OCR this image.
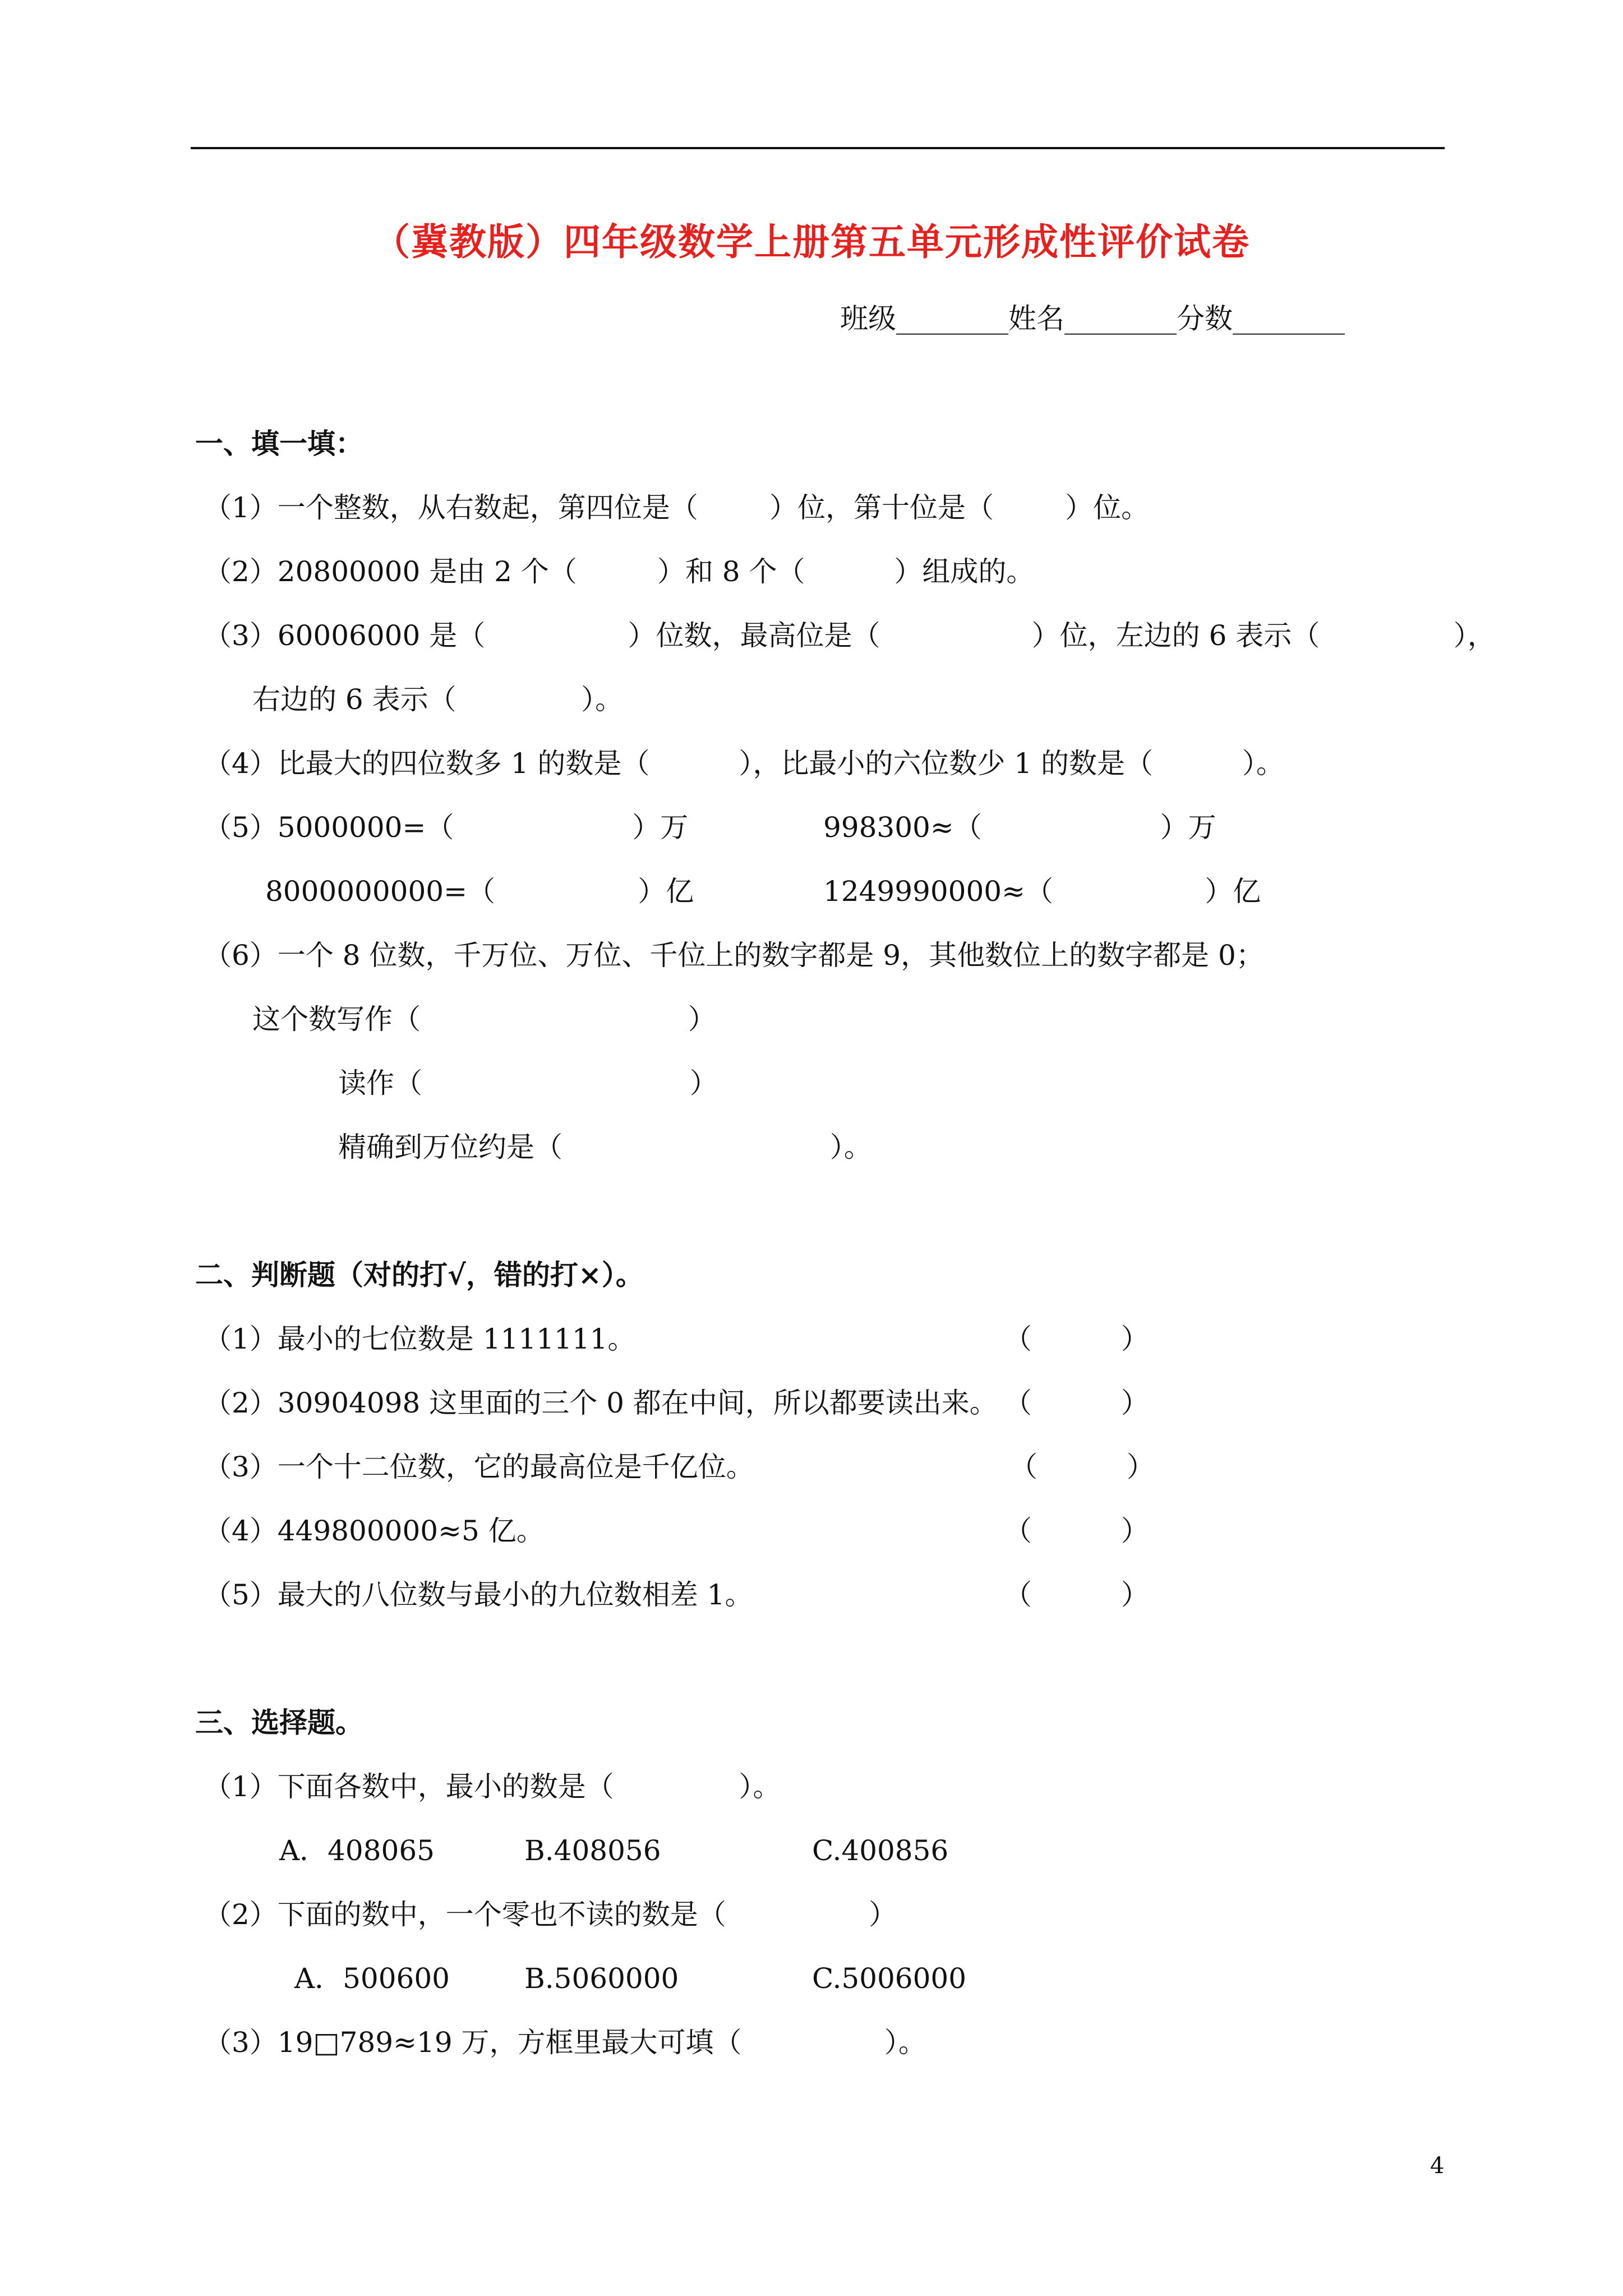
（冀教版）四年级数学上册第五单元形成性评价试卷
班级________姓名________分数________
一、填一填：
（1）一个整数，从右数起，第四位是（        ）位，第十位是（        ）位。
（2）20800000 是由 2 个（         ）和 8 个（          ）组成的。
（3）60006000 是（                ）位数，最高位是（                 ）位，左边的 6 表示（               ），
右边的 6 表示（              ）。
（4）比最大的四位数多 1 的数是（          ），比最小的六位数少 1 的数是（          ）。
（5）5000000=（                    ）万	998300≈（                    ）万
8000000000=（                ）亿	1249990000≈（                 ）亿
（6）一个 8 位数，千万位、万位、千位上的数字都是 9，其他数位上的数字都是 0；
这个数写作（                              ）
读作（                              ）
精确到万位约是（                              ）。
二、判断题（对的打√，错的打×）。
（1）最小的七位数是 1111111。	（          ）
（2）30904098 这里面的三个 0 都在中间，所以都要读出来。 （          ）
（3）一个十二位数，它的最高位是千亿位。	（          ）
（4）449800000≈5 亿。	（          ）
（5）最大的八位数与最小的九位数相差 1。	（          ）
三、选择题。
（1）下面各数中，最小的数是（              ）。
A．408065	B.408056	C.400856
（2）下面的数中，一个零也不读的数是（                ）
A．500600	B.5060000	C.5006000
（3）19□789≈19 万，方框里最大可填（                ）。
4
